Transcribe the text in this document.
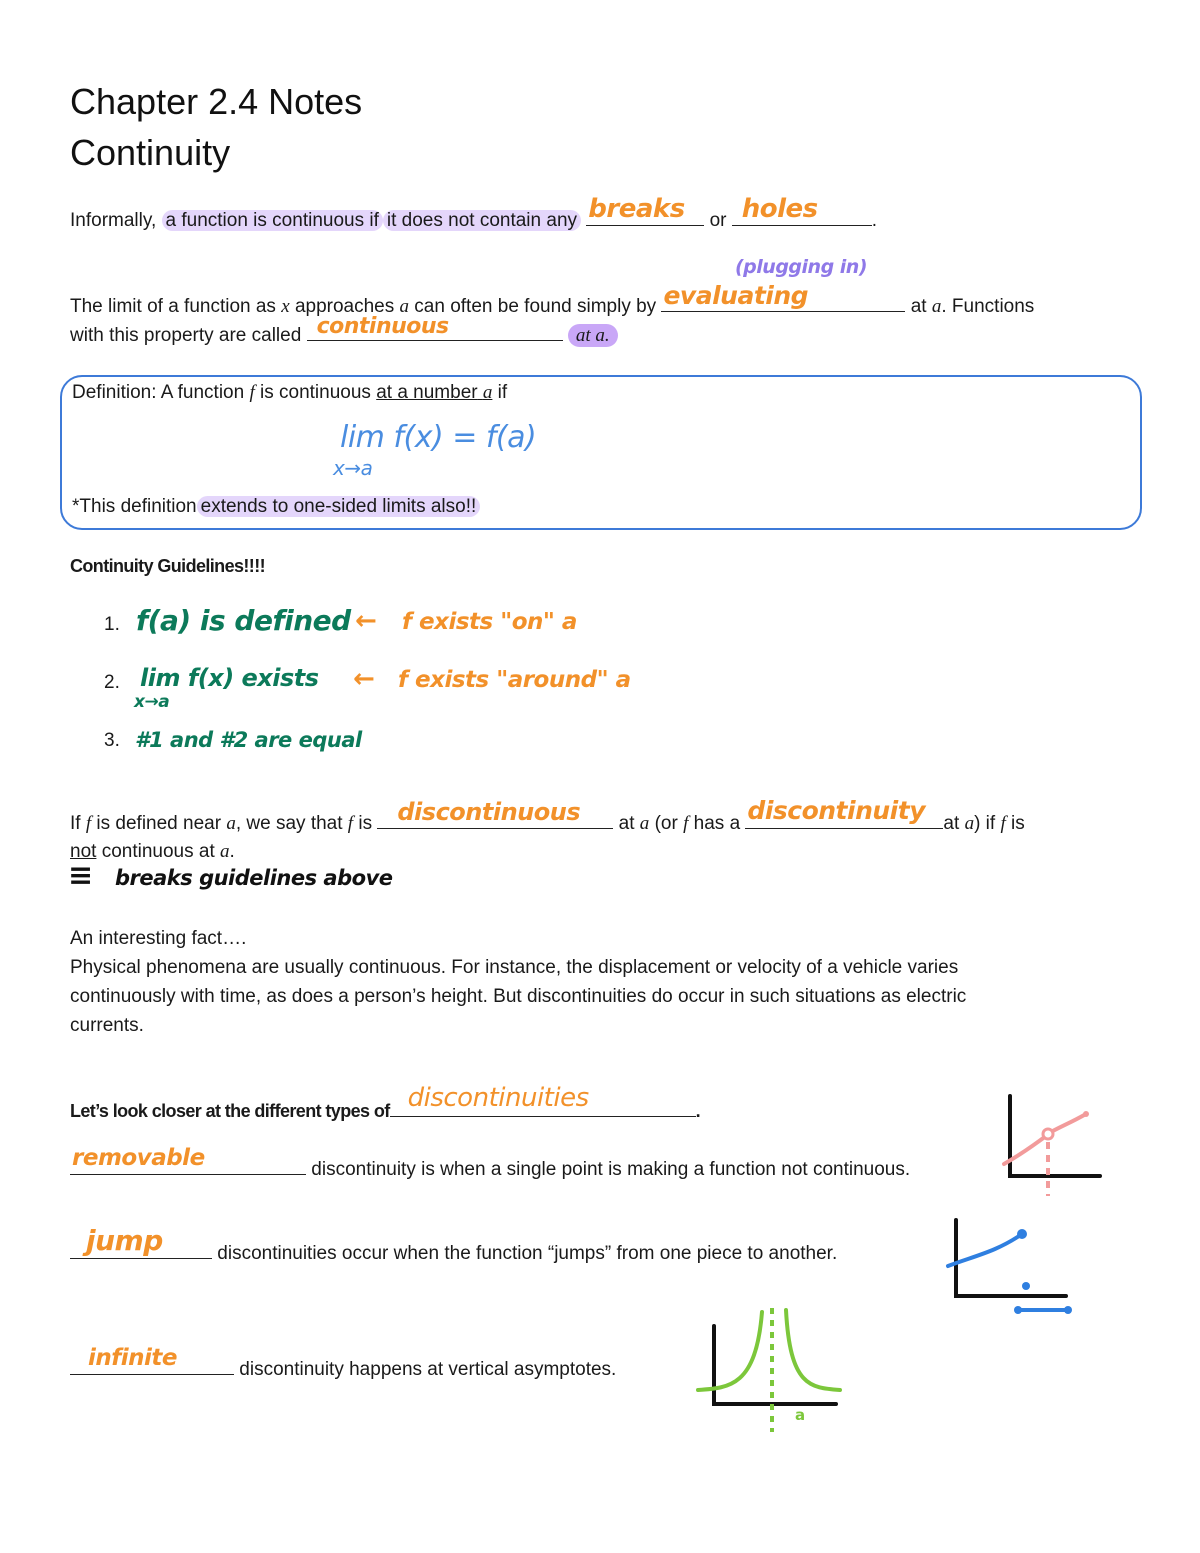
Chapter 2.4 Notes
Continuity
Informally, a function is continuous if it does not contain any breaks or holes	.
(plugging in)
The limit of a function as x approaches a can often be found simply by evaluating	at a. Functions
with this property are called continuous	at a.
Definition: A function f is continuous at a number a if
lim f(x) = f(a)
x→a
*This definition extends to one-sided limits also!!
Continuity Guidelines!!!!
1. f(a) is defined ← f exists "on" a
2. lim f(x) exists
x→a
← f exists "around" a
3. #1 and #2 are equal
If f is defined near a, we say that f is discontinuous at a (or f has a discontinuity at a) if f is
not continuous at a.
≡ breaks guidelines above
An interesting fact….
Physical phenomena are usually continuous. For instance, the displacement or velocity of a vehicle varies
continuously with time, as does a person’s height. But discontinuities do occur in such situations as electric
currents.
Let’s look closer at the different types of discontinuities	.
removable	discontinuity is when a single point is making a function not continuous.
jump	discontinuities occur when the function “jumps” from one piece to another.
infinite	discontinuity happens at vertical asymptotes.
a
